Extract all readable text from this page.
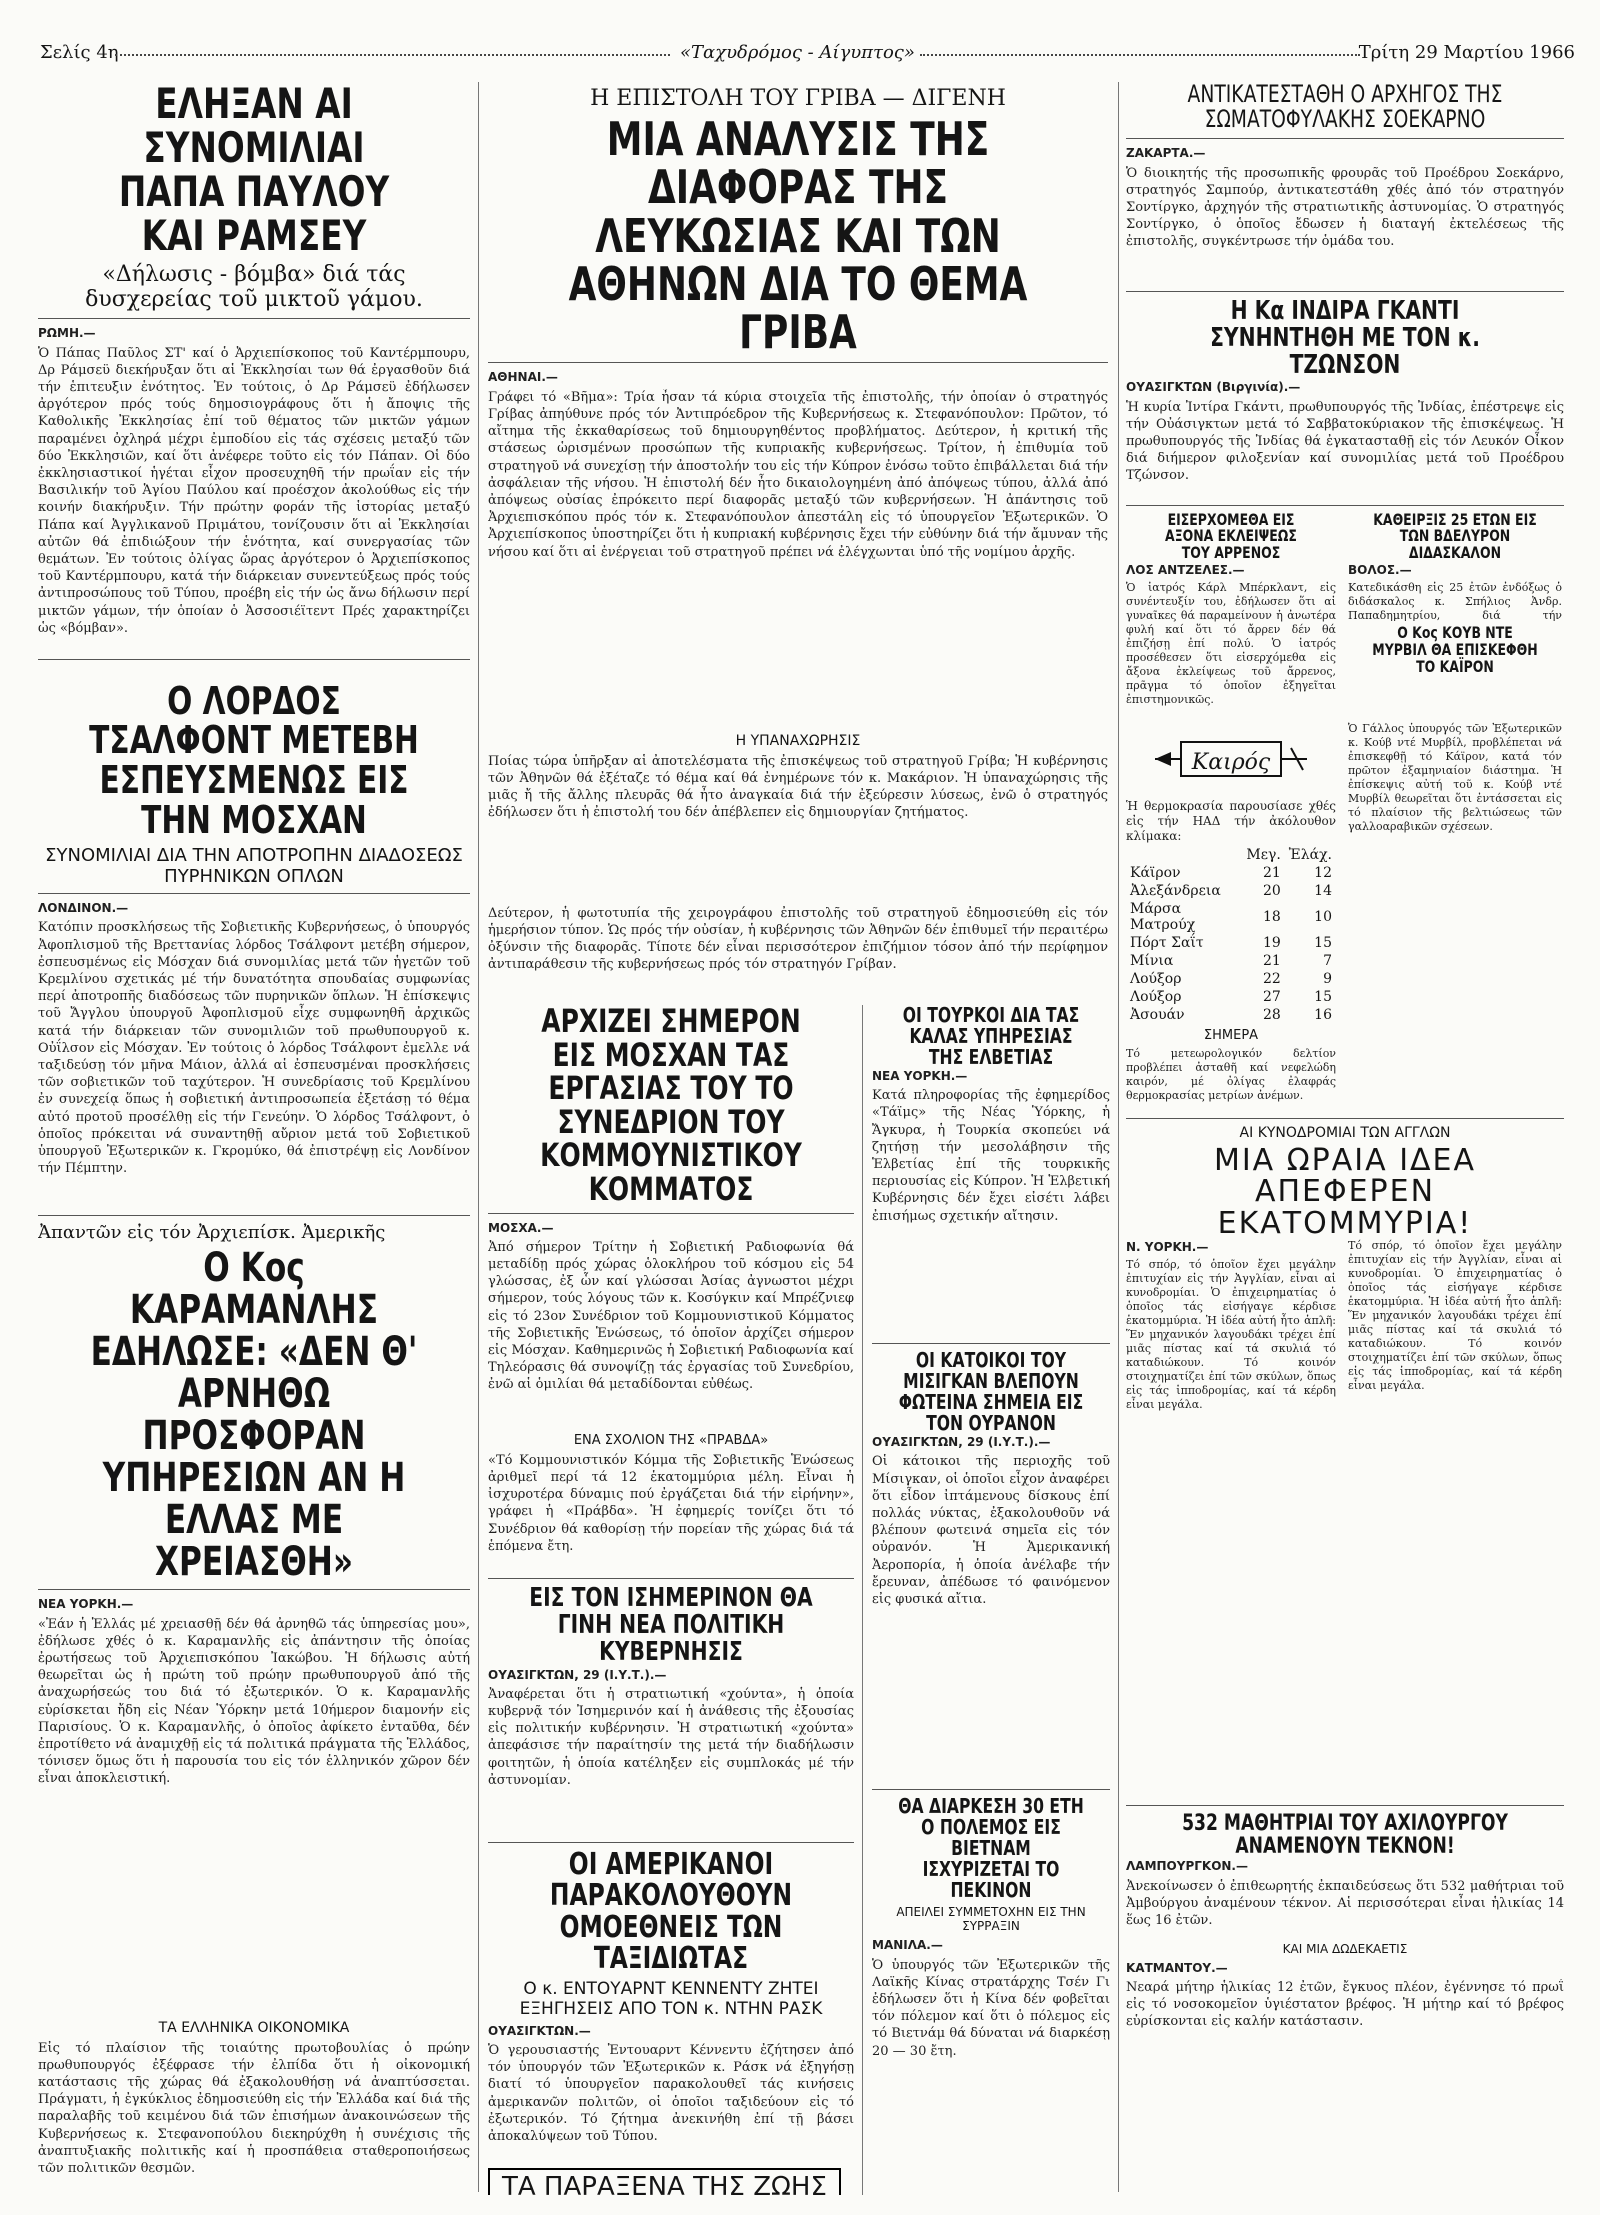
Σελίς 4η	«Ταχυδρόμος - Αίγυπτος»	Τρίτη 29 Μαρτίου 1966
ΕΛΗΞΑΝ ΑΙ ΣΥΝΟΜΙΛΙΑΙ ΠΑΠΑ ΠΑΥΛΟΥ ΚΑΙ ΡΑΜΣΕΥ
«Δήλωσις - βόμβα» διά τάς δυσχερείας τοῦ μικτοῦ γάμου.

ΡΩΜΗ.—

Ὁ Πάπας Παῦλος ΣΤ' καί ὁ Ἀρχιεπίσκοπος τοῦ Καντέρμπουρυ, Δρ Ράμσεϋ διεκήρυξαν ὅτι αἱ Ἐκκλησίαι των θά ἐργασθοῦν διά τήν ἑπιτευξιν ἑνότητος. Ἐν τούτοις, ὁ Δρ Ράμσεϋ ἐδήλωσεν ἀργότερον πρός τούς δημοσιογράφους ὅτι ἡ ἄποψις τῆς Καθολικῆς Ἐκκλησίας ἐπί τοῦ θέματος τῶν μικτῶν γάμων παραμένει ὀχληρά μέχρι ἐμποδίου εἰς τάς σχέσεις μεταξύ τῶν δύο Ἐκκλησιῶν, καί ὅτι ἀνέφερε τοῦτο εἰς τόν Πάπαν. Οἱ δύο ἐκκλησιαστικοί ἡγέται εἶχον προσευχηθῆ τήν πρωΐαν εἰς τήν Βασιλικήν τοῦ Ἁγίου Παύλου καί προέσχον ἀκολούθως εἰς τήν κοινήν διακήρυξιν. Τήν πρώτην φοράν τῆς ἱστορίας μεταξύ Πάπα καί Ἀγγλικανοῦ Πριμάτου, τονίζουσιν ὅτι αἱ Ἐκκλησίαι αὐτῶν θά ἐπιδιώξουν τήν ἑνότητα, καί συνεργασίας τῶν θεμάτων. Ἐν τούτοις ὀλίγας ὥρας ἀργότερον ὁ Ἀρχιεπίσκοπος τοῦ Καντέρμπουρυ, κατά τήν διάρκειαν συνεντεύξεως πρός τούς ἀντιπροσώπους τοῦ Τύπου, προέβη εἰς τήν ὡς ἄνω δήλωσιν περί μικτῶν γάμων, τήν ὁποίαν ὁ Ἀσσοσιέϊτεντ Πρές χαρακτηρίζει ὡς «βόμβαν».

Ο ΛΟΡΔΟΣ ΤΣΑΛΦΟΝΤ ΜΕΤΕΒΗ ΕΣΠΕΥΣΜΕΝΩΣ ΕΙΣ ΤΗΝ ΜΟΣΧΑΝ
ΣΥΝΟΜΙΛΙΑΙ ΔΙΑ ΤΗΝ ΑΠΟΤΡΟΠΗΝ ΔΙΑΔΟΣΕΩΣ ΠΥΡΗΝΙΚΩΝ ΟΠΛΩΝ

ΛΟΝΔΙΝΟΝ.—

Κατόπιν προσκλήσεως τῆς Σοβιετικῆς Κυβερνήσεως, ὁ ὑπουργός Ἀφοπλισμοῦ τῆς Βρεττανίας λόρδος Τσάλφοντ μετέβη σήμερον, ἐσπευσμένως εἰς Μόσχαν διά συνομιλίας μετά τῶν ἡγετῶν τοῦ Κρεμλίνου σχετικάς μέ τήν δυνατότητα σπουδαίας συμφωνίας περί ἀποτροπῆς διαδόσεως τῶν πυρηνικῶν ὅπλων. Ἡ ἐπίσκεψις τοῦ Ἄγγλου ὑπουργοῦ Ἀφοπλισμοῦ εἶχε συμφωνηθῆ ἀρχικῶς κατά τήν διάρκειαν τῶν συνομιλιῶν τοῦ πρωθυπουργοῦ κ. Οὐΐλσον εἰς Μόσχαν. Ἐν τούτοις ὁ λόρδος Τσάλφοντ ἐμελλε νά ταξιδεύσῃ τόν μῆνα Μάιον, ἀλλά αἱ ἐσπευσμέναι προσκλήσεις τῶν σοβιετικῶν τοῦ ταχύτερον. Ἡ συνεδρίασις τοῦ Κρεμλίνου ἐν συνεχείᾳ ὅπως ἡ σοβιετική ἀντιπροσωπεία ἐξετάσῃ τό θέμα αὐτό προτοῦ προσέλθῃ εἰς τήν Γενεύην. Ὁ λόρδος Τσάλφοντ, ὁ ὁποῖος πρόκειται νά συναντηθῇ αὔριον μετά τοῦ Σοβιετικοῦ ὑπουργοῦ Ἐξωτερικῶν κ. Γκρομύκο, θά ἐπιστρέψῃ εἰς Λονδίνον τήν Πέμπτην.

Ἀπαντῶν εἰς τόν Ἀρχιεπίσκ. Ἀμερικῆς
Ο Κος ΚΑΡΑΜΑΝΛΗΣ ΕΔΗΛΩΣΕ: «ΔΕΝ Θ' ΑΡΝΗΘΩ ΠΡΟΣΦΟΡΑΝ ΥΠΗΡΕΣΙΩΝ ΑΝ Η ΕΛΛΑΣ ΜΕ ΧΡΕΙΑΣΘΗ»

ΝΕΑ ΥΟΡΚΗ.—

«Ἐάν ἡ Ἑλλάς μέ χρειασθῇ δέν θά ἀρνηθῶ τάς ὑπηρεσίας μου», ἐδήλωσε χθές ὁ κ. Καραμανλῆς εἰς ἀπάντησιν τῆς ὁποίας ἐρωτήσεως τοῦ Ἀρχιεπισκόπου Ἰακώβου. Ἡ δήλωσις αὐτή θεωρεῖται ὡς ἡ πρώτη τοῦ πρώην πρωθυπουργοῦ ἀπό τῆς ἀναχωρήσεώς του διά τό ἐξωτερικόν. Ὁ κ. Καραμανλῆς εὑρίσκεται ἤδη εἰς Νέαν Ὑόρκην μετά 10ήμερον διαμονήν εἰς Παρισίους. Ὁ κ. Καραμανλῆς, ὁ ὁποῖος ἀφίκετο ἐνταῦθα, δέν ἐπροτίθετο νά ἀναμιχθῇ εἰς τά πολιτικά πράγματα τῆς Ἑλλάδος, τόνισεν ὅμως ὅτι ἡ παρουσία του εἰς τόν ἑλληνικόν χῶρον δέν εἶναι ἀποκλειστική.

ΤΑ ΕΛΛΗΝΙΚΑ ΟΙΚΟΝΟΜΙΚΑ

Εἰς τό πλαίσιον τῆς τοιαύτης πρωτοβουλίας ὁ πρώην πρωθυπουργός ἐξέφρασε τήν ἐλπίδα ὅτι ἡ οἰκονομική κατάστασις τῆς χώρας θά ἐξακολουθήσῃ νά ἀναπτύσσεται. Πράγματι, ἡ ἐγκύκλιος ἐδημοσιεύθη εἰς τήν Ἑλλάδα καί διά τῆς παραλαβῆς τοῦ κειμένου διά τῶν ἐπισήμων ἀνακοινώσεων τῆς Κυβερνήσεως κ. Στεφανοπούλου διεκηρύχθη ἡ συνέχισις τῆς ἀναπτυξιακῆς πολιτικῆς καί ἡ προσπάθεια σταθεροποιήσεως τῶν πολιτικῶν θεσμῶν.

Η ΕΠΙΣΤΟΛΗ ΤΟΥ ΓΡΙΒΑ — ΔΙΓΕΝΗ
ΜΙΑ ΑΝΑΛΥΣΙΣ ΤΗΣ ΔΙΑΦΟΡΑΣ ΤΗΣ ΛΕΥΚΩΣΙΑΣ ΚΑΙ ΤΩΝ ΑΘΗΝΩΝ ΔΙΑ ΤΟ ΘΕΜΑ ΓΡΙΒΑ

ΑΘΗΝΑΙ.—

Γράφει τό «Βῆμα»: Τρία ἦσαν τά κύρια στοιχεῖα τῆς ἐπιστολῆς, τήν ὁποίαν ὁ στρατηγός Γρίβας ἀπηύθυνε πρός τόν Ἀντιπρόεδρον τῆς Κυβερνήσεως κ. Στεφανόπουλον: Πρῶτον, τό αἴτημα τῆς ἐκκαθαρίσεως τοῦ δημιουργηθέντος προβλήματος. Δεύτερον, ἡ κριτική τῆς στάσεως ὡρισμένων προσώπων τῆς κυπριακῆς κυβερνήσεως. Τρίτον, ἡ ἐπιθυμία τοῦ στρατηγοῦ νά συνεχίσῃ τήν ἀποστολήν του εἰς τήν Κύπρον ἐνόσω τοῦτο ἐπιβάλλεται διά τήν ἀσφάλειαν τῆς νήσου. Ἡ ἐπιστολή δέν ἦτο δικαιολογημένη ἀπό ἀπόψεως τύπου, ἀλλά ἀπό ἀπόψεως οὐσίας ἐπρόκειτο περί διαφορᾶς μεταξύ τῶν κυβερνήσεων. Ἡ ἀπάντησις τοῦ Ἀρχιεπισκόπου πρός τόν κ. Στεφανόπουλον ἀπεστάλη εἰς τό ὑπουργεῖον Ἐξωτερικῶν. Ὁ Ἀρχιεπίσκοπος ὑποστηρίζει ὅτι ἡ κυπριακή κυβέρνησις ἔχει τήν εὐθύνην διά τήν ἄμυναν τῆς νήσου καί ὅτι αἱ ἐνέργειαι τοῦ στρατηγοῦ πρέπει νά ἐλέγχωνται ὑπό τῆς νομίμου ἀρχῆς.

Η ΥΠΑΝΑΧΩΡΗΣΙΣ

Ποίας τώρα ὑπῆρξαν αἱ ἀποτελέσματα τῆς ἐπισκέψεως τοῦ στρατηγοῦ Γρίβα; Ἡ κυβέρνησις τῶν Ἀθηνῶν θά ἐξέταζε τό θέμα καί θά ἐνημέρωνε τόν κ. Μακάριον. Ἡ ὑπαναχώρησις τῆς μιᾶς ἤ τῆς ἄλλης πλευρᾶς θά ἦτο ἀναγκαία διά τήν ἐξεύρεσιν λύσεως, ἐνῶ ὁ στρατηγός ἐδήλωσεν ὅτι ἡ ἐπιστολή του δέν ἀπέβλεπεν εἰς δημιουργίαν ζητήματος.

Δεύτερον, ἡ φωτοτυπία τῆς χειρογράφου ἐπιστολῆς τοῦ στρατηγοῦ ἐδημοσιεύθη εἰς τόν ἡμερήσιον τύπον. Ὡς πρός τήν οὐσίαν, ἡ κυβέρνησις τῶν Ἀθηνῶν δέν ἐπιθυμεῖ τήν περαιτέρω ὀξύνσιν τῆς διαφορᾶς. Τίποτε δέν εἶναι περισσότερον ἐπιζήμιον τόσον ἀπό τήν περίφημον ἀντιπαράθεσιν τῆς κυβερνήσεως πρός τόν στρατηγόν Γρίβαν.

ΑΡΧΙΖΕΙ ΣΗΜΕΡΟΝ ΕΙΣ ΜΟΣΧΑΝ ΤΑΣ ΕΡΓΑΣΙΑΣ ΤΟΥ ΤΟ ΣΥΝΕΔΡΙΟΝ ΤΟΥ ΚΟΜΜΟΥΝΙΣΤΙΚΟΥ ΚΟΜΜΑΤΟΣ

ΜΟΣΧΑ.—

Ἀπό σήμερον Τρίτην ἡ Σοβιετική Ραδιοφωνία θά μεταδίδῃ πρός χώρας ὁλοκλήρου τοῦ κόσμου εἰς 54 γλώσσας, ἐξ ὧν καί γλώσσαι Ἀσίας ἀγνωστοι μέχρι σήμερον, τούς λόγους τῶν κ. Κοσύγκιν καί Μπρέζνιεφ εἰς τό 23ον Συνέδριον τοῦ Κομμουνιστικοῦ Κόμματος τῆς Σοβιετικῆς Ἑνώσεως, τό ὁποῖον ἀρχίζει σήμερον εἰς Μόσχαν. Καθημερινῶς ἡ Σοβιετική Ραδιοφωνία καί Τηλεόρασις θά συνοψίζῃ τάς ἐργασίας τοῦ Συνεδρίου, ἐνῶ αἱ ὁμιλίαι θά μεταδίδονται εὐθέως.

ΕΝΑ ΣΧΟΛΙΟΝ ΤΗΣ «ΠΡΑΒΔΑ»

«Τό Κομμουνιστικόν Κόμμα τῆς Σοβιετικῆς Ἑνώσεως ἀριθμεῖ περί τά 12 ἑκατομμύρια μέλη. Εἶναι ἡ ἰσχυροτέρα δύναμις πού ἐργάζεται διά τήν εἰρήνην», γράφει ἡ «Πράβδα». Ἡ ἐφημερίς τονίζει ὅτι τό Συνέδριον θά καθορίσῃ τήν πορείαν τῆς χώρας διά τά ἑπόμενα ἔτη.

ΕΙΣ ΤΟΝ ΙΣΗΜΕΡΙΝΟΝ ΘΑ ΓΙΝΗ ΝΕΑ ΠΟΛΙΤΙΚΗ ΚΥΒΕΡΝΗΣΙΣ

ΟΥΑΣΙΓΚΤΩΝ, 29 (Ι.Υ.Τ.).—

Ἀναφέρεται ὅτι ἡ στρατιωτική «χούντα», ἡ ὁποία κυβερνᾷ τόν Ἰσημερινόν καί ἡ ἀνάθεσις τῆς ἐξουσίας εἰς πολιτικήν κυβέρνησιν. Ἡ στρατιωτική «χούντα» ἀπεφάσισε τήν παραίτησίν της μετά τήν διαδήλωσιν φοιτητῶν, ἡ ὁποία κατέληξεν εἰς συμπλοκάς μέ τήν ἀστυνομίαν.

ΟΙ ΑΜΕΡΙΚΑΝΟΙ ΠΑΡΑΚΟΛΟΥΘΟΥΝ ΟΜΟΕΘΝΕΙΣ ΤΩΝ ΤΑΞΙΔΙΩΤΑΣ
Ο κ. ΕΝΤΟΥΑΡΝΤ ΚΕΝΝΕΝΤΥ ΖΗΤΕΙ ΕΞΗΓΗΣΕΙΣ ΑΠΟ ΤΟΝ κ. ΝΤΗΝ ΡΑΣΚ

ΟΥΑΣΙΓΚΤΩΝ.—

Ὁ γερουσιαστής Ἐντουαρντ Κέννεντυ ἐζήτησεν ἀπό τόν ὑπουργόν τῶν Ἐξωτερικῶν κ. Ράσκ νά ἐξηγήσῃ διατί τό ὑπουργεῖον παρακολουθεῖ τάς κινήσεις ἀμερικανῶν πολιτῶν, οἱ ὁποῖοι ταξιδεύουν εἰς τό ἐξωτερικόν. Τό ζήτημα ἀνεκινήθη ἐπί τῇ βάσει ἀποκαλύψεων τοῦ Τύπου.

ΤΑ ΠΑΡΑΞΕΝΑ ΤΗΣ ΖΩΗΣ

ΟΙ ΤΟΥΡΚΟΙ ΔΙΑ ΤΑΣ ΚΑΛΑΣ ΥΠΗΡΕΣΙΑΣ ΤΗΣ ΕΛΒΕΤΙΑΣ

ΝΕΑ ΥΟΡΚΗ.—

Κατά πληροφορίας τῆς ἐφημερίδος «Τάϊμς» τῆς Νέας Ὑόρκης, ἡ Ἄγκυρα, ἡ Τουρκία σκοπεύει νά ζητήσῃ τήν μεσολάβησιν τῆς Ἑλβετίας ἐπί τῆς τουρκικῆς περιουσίας εἰς Κύπρον. Ἡ Ἑλβετική Κυβέρνησις δέν ἔχει εἰσέτι λάβει ἐπισήμως σχετικήν αἴτησιν.

ΟΙ ΚΑΤΟΙΚΟΙ ΤΟΥ ΜΙΣΙΓΚΑΝ ΒΛΕΠΟΥΝ ΦΩΤΕΙΝΑ ΣΗΜΕΙΑ ΕΙΣ ΤΟΝ ΟΥΡΑΝΟΝ

ΟΥΑΣΙΓΚΤΩΝ, 29 (Ι.Υ.Τ.).—

Οἱ κάτοικοι τῆς περιοχῆς τοῦ Μίσιγκαν, οἱ ὁποῖοι εἶχον ἀναφέρει ὅτι εἶδον ἰπτάμενους δίσκους ἐπί πολλάς νύκτας, ἐξακολουθοῦν νά βλέπουν φωτεινά σημεῖα εἰς τόν οὐρανόν. Ἡ Ἀμερικανική Ἀεροπορία, ἡ ὁποία ἀνέλαβε τήν ἔρευναν, ἀπέδωσε τό φαινόμενον εἰς φυσικά αἴτια.

ΘΑ ΔΙΑΡΚΕΣΗ 30 ΕΤΗ Ο ΠΟΛΕΜΟΣ ΕΙΣ ΒΙΕΤΝΑΜ ΙΣΧΥΡΙΖΕΤΑΙ ΤΟ ΠΕΚΙΝΟΝ
ΑΠΕΙΛΕΙ ΣΥΜΜΕΤΟΧΗΝ ΕΙΣ ΤΗΝ ΣΥΡΡΑΞΙΝ

ΜΑΝΙΛΑ.—

Ὁ ὑπουργός τῶν Ἐξωτερικῶν τῆς Λαϊκῆς Κίνας στρατάρχης Τσέν Γι ἐδήλωσεν ὅτι ἡ Κίνα δέν φοβεῖται τόν πόλεμον καί ὅτι ὁ πόλεμος εἰς τό Βιετνάμ θά δύναται νά διαρκέσῃ 20 — 30 ἔτη.

ΑΝΤΙΚΑΤΕΣΤΑΘΗ Ο ΑΡΧΗΓΟΣ ΤΗΣ ΣΩΜΑΤΟΦΥΛΑΚΗΣ ΣΟΕΚΑΡΝΟ

ΖΑΚΑΡΤΑ.—

Ὁ διοικητής τῆς προσωπικῆς φρουρᾶς τοῦ Προέδρου Σοεκάρνο, στρατηγός Σαμπούρ, ἀντικατεστάθη χθές ἀπό τόν στρατηγόν Σοντίργκο, ἀρχηγόν τῆς στρατιωτικῆς ἀστυνομίας. Ὁ στρατηγός Σοντίργκο, ὁ ὁποῖος ἔδωσεν ἡ διαταγή ἐκτελέσεως τῆς ἐπιστολῆς, συγκέντρωσε τήν ὁμάδα του.

Η Κα ΙΝΔΙΡΑ ΓΚΑΝΤΙ ΣΥΝΗΝΤΗΘΗ ΜΕ ΤΟΝ κ. ΤΖΩΝΣΟΝ

ΟΥΑΣΙΓΚΤΩΝ (Βιργινία).—

Ἡ κυρία Ἰντίρα Γκάντι, πρωθυπουργός τῆς Ἰνδίας, ἐπέστρεψε εἰς τήν Οὐάσιγκτων μετά τό Σαββατοκύριακον τῆς ἐπισκέψεως. Ἡ πρωθυπουργός τῆς Ἰνδίας θά ἐγκατασταθῇ εἰς τόν Λευκόν Οἶκον διά διήμερον φιλοξενίαν καί συνομιλίας μετά τοῦ Προέδρου Τζώνσον.

ΕΙΣΕΡΧΟΜΕΘΑ ΕΙΣ ΑΞΟΝΑ ΕΚΛΕΙΨΕΩΣ ΤΟΥ ΑΡΡΕΝΟΣ

ΛΟΣ ΑΝΤΖΕΛΕΣ.—

Ὁ ἰατρός Κάρλ Μπέρκλαντ, εἰς συνέντευξίν του, ἐδήλωσεν ὅτι αἱ γυναῖκες θά παραμείνουν ἡ ἀνωτέρα φυλή καί ὅτι τό ἄρρεν δέν θά ἐπιζήσῃ ἐπί πολύ. Ὁ ἰατρός προσέθεσεν ὅτι εἰσερχόμεθα εἰς ἄξονα ἐκλείψεως τοῦ ἄρρενος, πρᾶγμα τό ὁποῖον ἐξηγεῖται ἐπιστημονικῶς.

ΚΑΘΕΙΡΞΙΣ 25 ΕΤΩΝ ΕΙΣ ΤΩΝ ΒΔΕΛΥΡΟΝ ΔΙΔΑΣΚΑΛΟΝ

ΒΟΛΟΣ.—

Κατεδικάσθη εἰς 25 ἐτῶν ἐνδόξως ὁ διδάσκαλος κ. Σπήλιος Ἀνδρ. Παπαδημητρίου, διά τήν

Ο Κος ΚΟΥΒ ΝΤΕ ΜΥΡΒΙΛ ΘΑ ΕΠΙΣΚΕΦΘΗ ΤΟ ΚΑΪΡΟΝ
Καιρός

Ἡ θερμοκρασία παρουσίασε χθές εἰς τήν ΗΑΔ τήν ἀκόλουθον κλίμακα:

	Μεγ.	Ἐλάχ.
Κάϊρον	21	12
Ἀλεξάνδρεια	20	14
Μάρσα Ματρούχ	18	10
Πόρτ Σαΐτ	19	15
Μίνια	21	7
Λούξορ	22	9
Λούξορ	27	15
Ἀσουάν	28	16
ΣΗΜΕΡΑ

Τό μετεωρολογικόν δελτίον προβλέπει ἀσταθῆ καί νεφελώδη καιρόν, μέ ὀλίγας ἐλαφράς θερμοκρασίας μετρίων ἀνέμων.

Ὁ Γάλλος ὑπουργός τῶν Ἐξωτερικῶν κ. Κούβ ντέ Μυρβίλ, προβλέπεται νά ἐπισκεφθῇ τό Κάϊρον, κατά τόν πρῶτον ἐξαμηνιαίον διάστημα. Ἡ ἐπίσκεψις αὐτή τοῦ κ. Κούβ ντέ Μυρβίλ θεωρεῖται ὅτι ἐντάσσεται εἰς τό πλαίσιον τῆς βελτιώσεως τῶν γαλλοαραβικῶν σχέσεων.

ΑΙ ΚΥΝΟΔΡΟΜΙΑΙ ΤΩΝ ΑΓΓΛΩΝ
ΜΙΑ ΩΡΑΙΑ ΙΔΕΑ ΑΠΕΦΕΡΕΝ ΕΚΑΤΟΜΜΥΡΙΑ!

Ν. ΥΟΡΚΗ.—

Τό σπόρ, τό ὁποῖον ἔχει μεγάλην ἐπιτυχίαν εἰς τήν Ἀγγλίαν, εἶναι αἱ κυνοδρομίαι. Ὁ ἐπιχειρηματίας ὁ ὁποῖος τάς εἰσήγαγε κέρδισε ἑκατομμύρια. Ἡ ἰδέα αὐτή ἦτο ἁπλῆ: Ἕν μηχανικόν λαγουδάκι τρέχει ἐπί μιᾶς πίστας καί τά σκυλιά τό καταδιώκουν. Τό κοινόν στοιχηματίζει ἐπί τῶν σκύλων, ὅπως εἰς τάς ἱπποδρομίας, καί τά κέρδη εἶναι μεγάλα.

Τό σπόρ, τό ὁποῖον ἔχει μεγάλην ἐπιτυχίαν εἰς τήν Ἀγγλίαν, εἶναι αἱ κυνοδρομίαι. Ὁ ἐπιχειρηματίας ὁ ὁποῖος τάς εἰσήγαγε κέρδισε ἑκατομμύρια. Ἡ ἰδέα αὐτή ἦτο ἁπλῆ: Ἕν μηχανικόν λαγουδάκι τρέχει ἐπί μιᾶς πίστας καί τά σκυλιά τό καταδιώκουν. Τό κοινόν στοιχηματίζει ἐπί τῶν σκύλων, ὅπως εἰς τάς ἱπποδρομίας, καί τά κέρδη εἶναι μεγάλα.

532 ΜΑΘΗΤΡΙΑΙ ΤΟΥ ΑΧΙΛΟΥΡΓΟΥ ΑΝΑΜΕΝΟΥΝ ΤΕΚΝΟΝ!

ΛΑΜΠΟΥΡΓΚΟΝ.—

Ἀνεκοίνωσεν ὁ ἐπιθεωρητής ἐκπαιδεύσεως ὅτι 532 μαθήτριαι τοῦ Ἀμβούργου ἀναμένουν τέκνον. Αἱ περισσότεραι εἶναι ἡλικίας 14 ἕως 16 ἐτῶν.

ΚΑΙ ΜΙΑ ΔΩΔΕΚΑΕΤΙΣ

ΚΑΤΜΑΝΤΟΥ.—

Νεαρά μήτηρ ἡλικίας 12 ἐτῶν, ἔγκυος πλέον, ἐγέννησε τό πρωΐ εἰς τό νοσοκομεῖον ὑγιέστατον βρέφος. Ἡ μήτηρ καί τό βρέφος εὑρίσκονται εἰς καλήν κατάστασιν.
